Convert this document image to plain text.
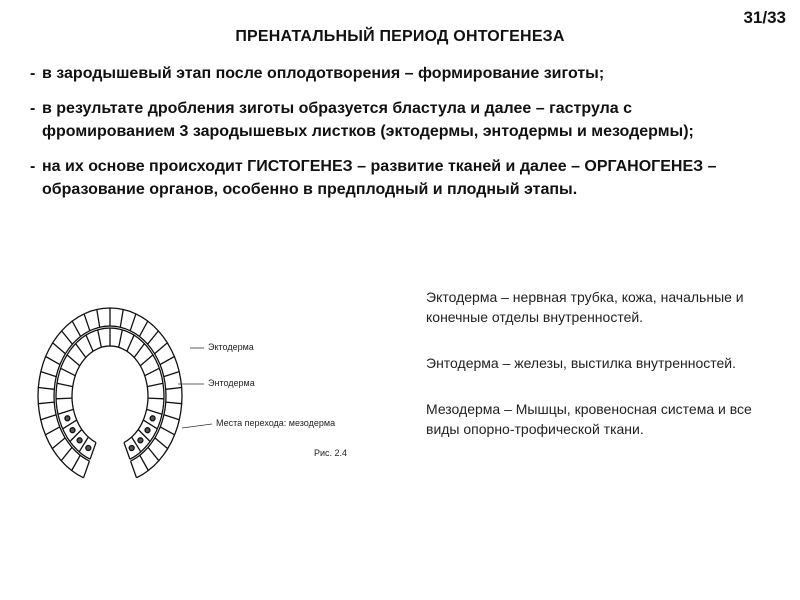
31/33
ПРЕНАТАЛЬНЫЙ ПЕРИОД ОНТОГЕНЕЗА
- в зародышевый этап после оплодотворения – формирование зиготы;
- в результате дробления зиготы образуется бластула и далее – гаструла с фромированием 3 зародышевых листков (эктодермы, энтодермы и мезодермы);
- на их основе происходит ГИСТОГЕНЕЗ – развитие тканей и далее – ОРГАНОГЕНЕЗ – образование органов, особенно в предплодный и плодный этапы.
Эктодерма
Энтодерма
Места перехода: мезодерма
Рис. 2.4
Эктодерма – нервная трубка, кожа, начальные и конечные отделы внутренностей.
Энтодерма – железы, выстилка внутренностей.
Мезодерма – Мышцы, кровеносная система и все виды опорно-трофической ткани.
